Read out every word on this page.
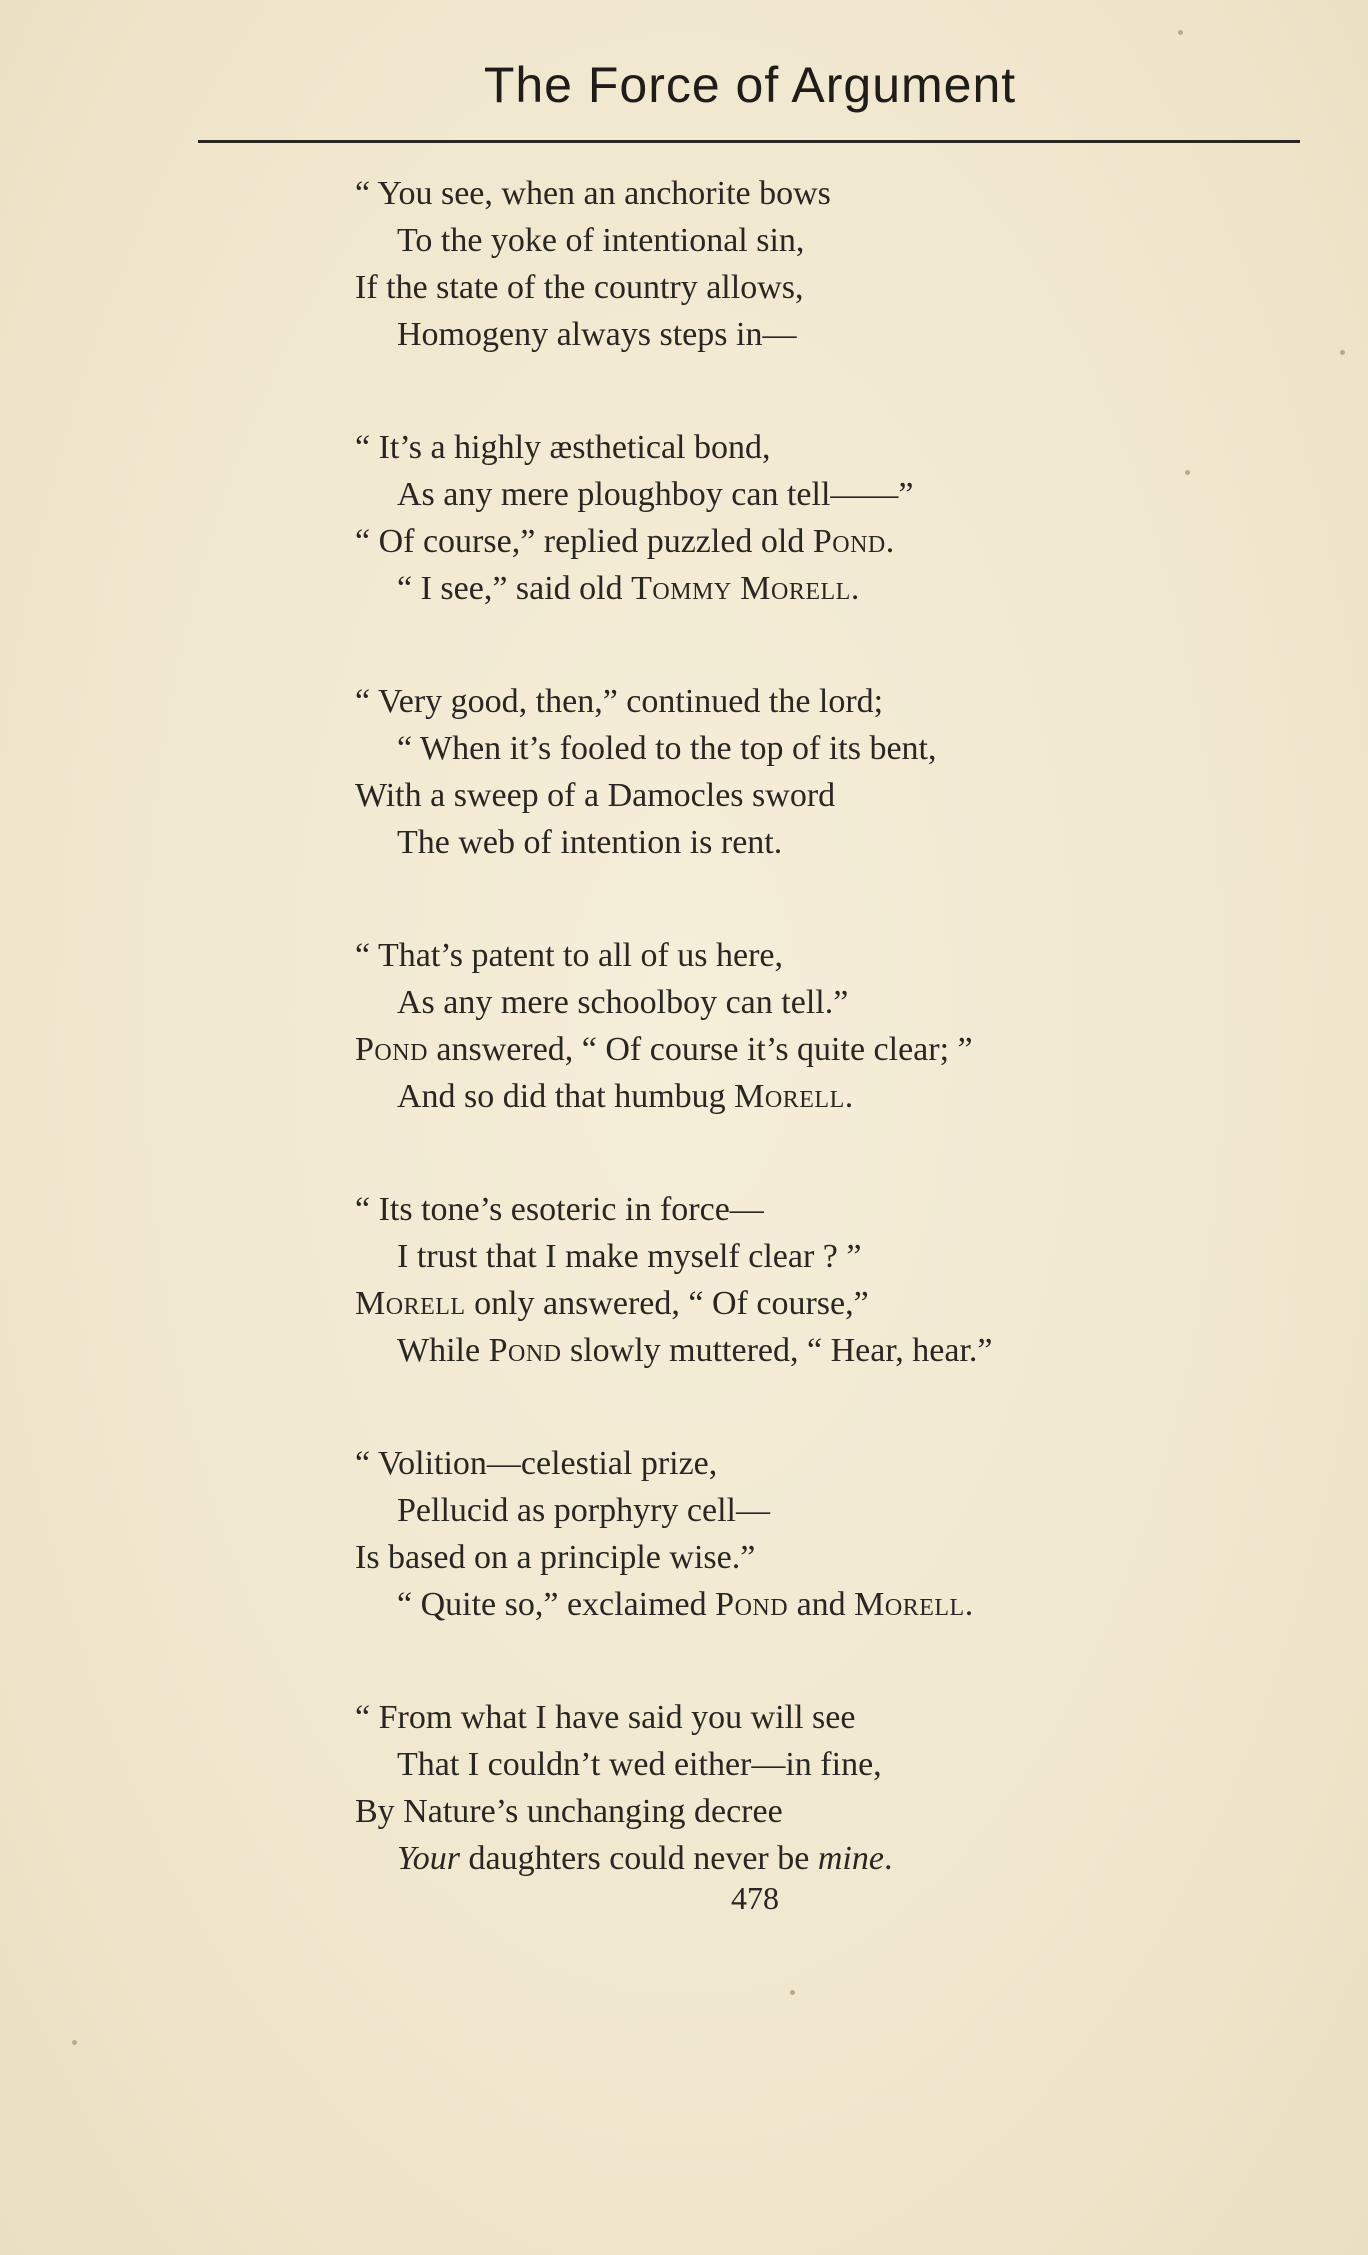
The Force of Argument
“ You see, when an anchorite bows
To the yoke of intentional sin,
If the state of the country allows,
Homogeny always steps in—
“ It’s a highly æsthetical bond,
As any mere ploughboy can tell——”
“ Of course,” replied puzzled old Pond.
“ I see,” said old Tommy Morell.
“ Very good, then,” continued the lord;
“ When it’s fooled to the top of its bent,
With a sweep of a Damocles sword
The web of intention is rent.
“ That’s patent to all of us here,
As any mere schoolboy can tell.”
Pond answered, “ Of course it’s quite clear; ”
And so did that humbug Morell.
“ Its tone’s esoteric in force—
I trust that I make myself clear ? ”
Morell only answered, “ Of course,”
While Pond slowly muttered, “ Hear, hear.”
“ Volition—celestial prize,
Pellucid as porphyry cell—
Is based on a principle wise.”
“ Quite so,” exclaimed Pond and Morell.
“ From what I have said you will see
That I couldn’t wed either—in fine,
By Nature’s unchanging decree
Your daughters could never be mine.
478
